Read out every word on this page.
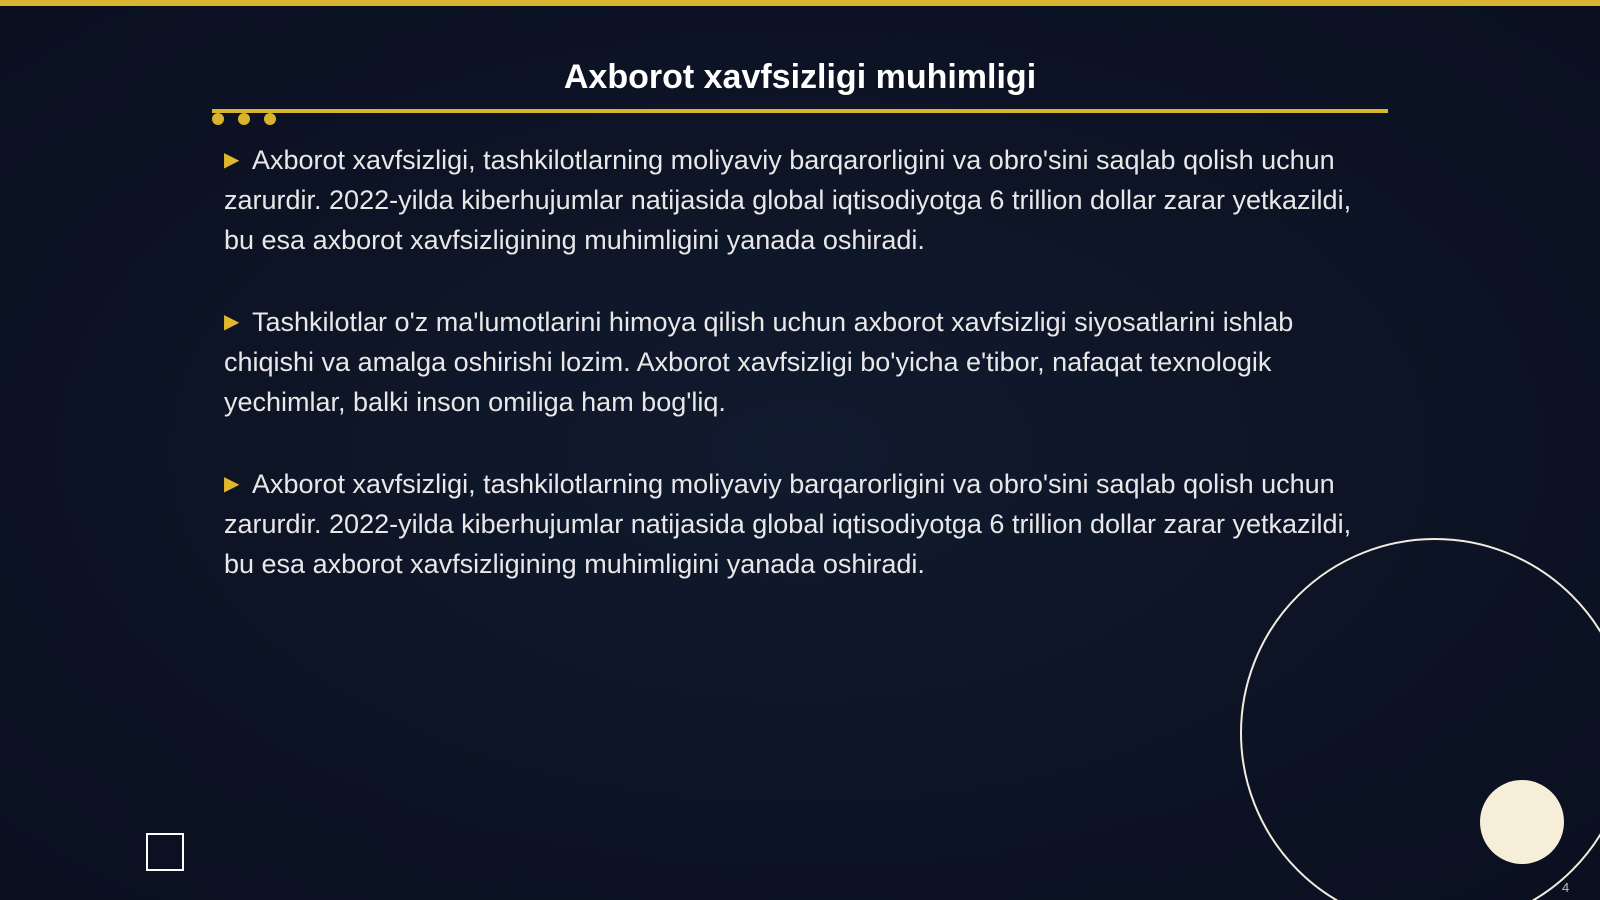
Axborot xavfsizligi muhimligi

▶ Axborot xavfsizligi, tashkilotlarning moliyaviy barqarorligini va obro'sini saqlab qolish uchun zarurdir. 2022-yilda kiberhujumlar natijasida global iqtisodiyotga 6 trillion dollar zarar yetkazildi, bu esa axborot xavfsizligining muhimligini yanada oshiradi.

▶ Tashkilotlar o'z ma'lumotlarini himoya qilish uchun axborot xavfsizligi siyosatlarini ishlab chiqishi va amalga oshirishi lozim. Axborot xavfsizligi bo'yicha e'tibor, nafaqat texnologik yechimlar, balki inson omiliga ham bog'liq.

▶ Axborot xavfsizligi, tashkilotlarning moliyaviy barqarorligini va obro'sini saqlab qolish uchun zarurdir. 2022-yilda kiberhujumlar natijasida global iqtisodiyotga 6 trillion dollar zarar yetkazildi, bu esa axborot xavfsizligining muhimligini yanada oshiradi.

4
